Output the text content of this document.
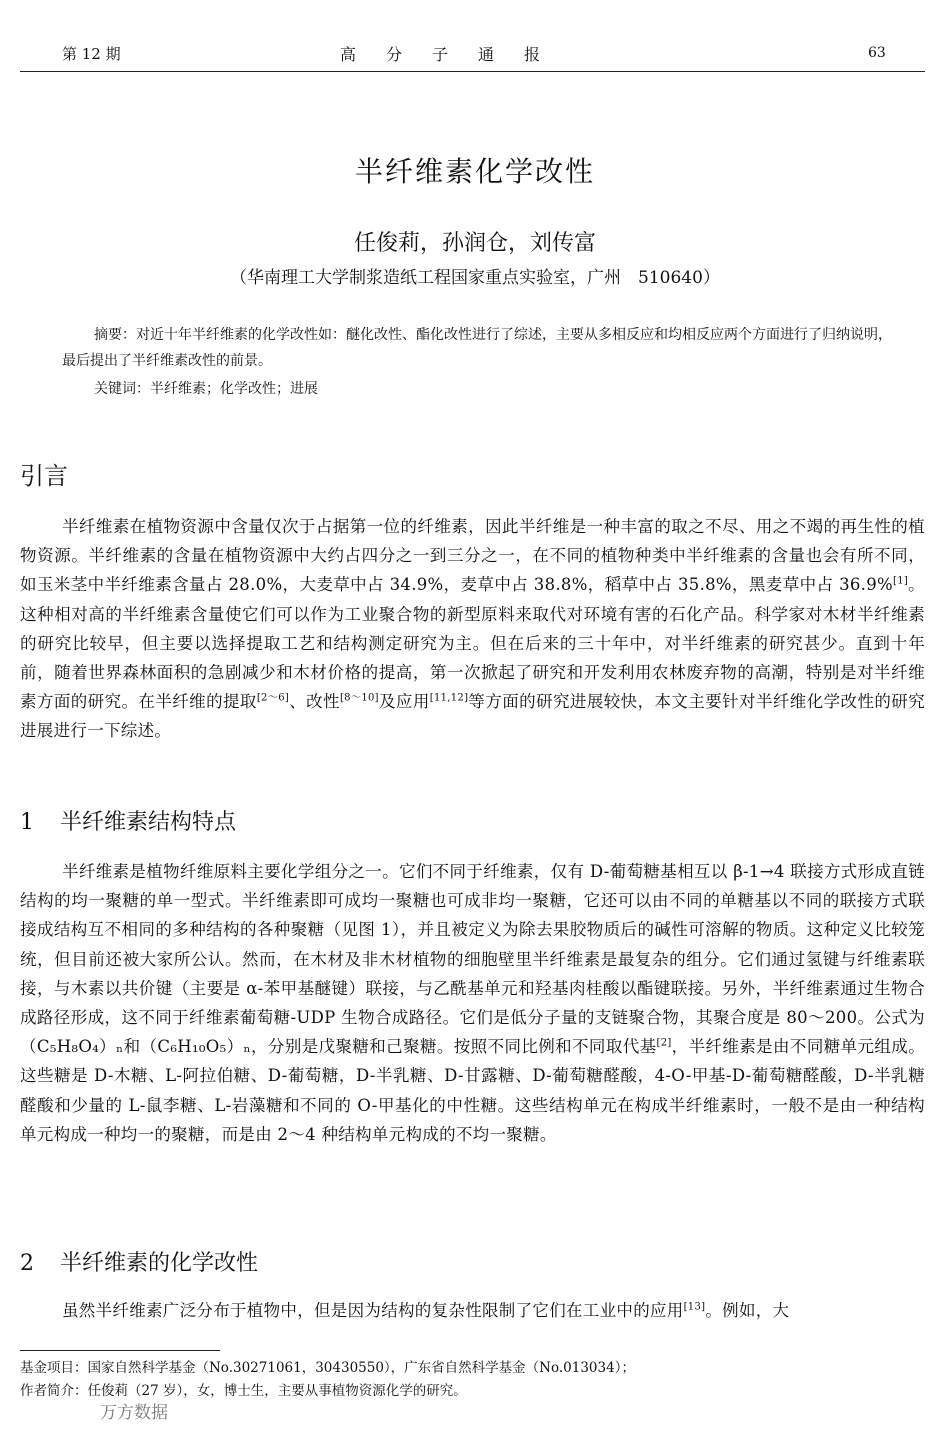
第 12 期	高分子通报	63
半纤维素化学改性
任俊莉，孙润仓，刘传富
（华南理工大学制浆造纸工程国家重点实验室，广州　510640）
摘要：对近十年半纤维素的化学改性如：醚化改性、酯化改性进行了综述，主要从多相反应和均相反应两个方面进行了归纳说明，最后提出了半纤维素改性的前景。
关键词：半纤维素；化学改性；进展
引言
半纤维素在植物资源中含量仅次于占据第一位的纤维素，因此半纤维是一种丰富的取之不尽、用之不竭的再生性的植物资源。半纤维素的含量在植物资源中大约占四分之一到三分之一，在不同的植物种类中半纤维素的含量也会有所不同，如玉米茎中半纤维素含量占 28.0%，大麦草中占 34.9%，麦草中占 38.8%，稻草中占 35.8%，黑麦草中占 36.9%[1]。这种相对高的半纤维素含量使它们可以作为工业聚合物的新型原料来取代对环境有害的石化产品。科学家对木材半纤维素的研究比较早，但主要以选择提取工艺和结构测定研究为主。但在后来的三十年中，对半纤维素的研究甚少。直到十年前，随着世界森林面积的急剧减少和木材价格的提高，第一次掀起了研究和开发利用农林废弃物的高潮，特别是对半纤维素方面的研究。在半纤维的提取[2～6]、改性[8～10]及应用[11,12]等方面的研究进展较快，本文主要针对半纤维化学改性的研究进展进行一下综述。
1 半纤维素结构特点
半纤维素是植物纤维原料主要化学组分之一。它们不同于纤维素，仅有 D-葡萄糖基相互以 β-1→4 联接方式形成直链结构的均一聚糖的单一型式。半纤维素即可成均一聚糖也可成非均一聚糖，它还可以由不同的单糖基以不同的联接方式联接成结构互不相同的多种结构的各种聚糖（见图 1），并且被定义为除去果胶物质后的碱性可溶解的物质。这种定义比较笼统，但目前还被大家所公认。然而，在木材及非木材植物的细胞壁里半纤维素是最复杂的组分。它们通过氢键与纤维素联接，与木素以共价键（主要是 α-苯甲基醚键）联接，与乙酰基单元和羟基肉桂酸以酯键联接。另外，半纤维素通过生物合成路径形成，这不同于纤维素葡萄糖-UDP 生物合成路径。它们是低分子量的支链聚合物，其聚合度是 80～200。公式为（C₅H₈O₄）ₙ和（C₆H₁₀O₅）ₙ，分别是戊聚糖和己聚糖。按照不同比例和不同取代基[2]，半纤维素是由不同糖单元组成。这些糖是 D-木糖、L-阿拉伯糖、D-葡萄糖，D-半乳糖、D-甘露糖、D-葡萄糖醛酸，4-O-甲基-D-葡萄糖醛酸，D-半乳糖醛酸和少量的 L-鼠李糖、L-岩藻糖和不同的 O-甲基化的中性糖。这些结构单元在构成半纤维素时，一般不是由一种结构单元构成一种均一的聚糖，而是由 2～4 种结构单元构成的不均一聚糖。
2 半纤维素的化学改性
虽然半纤维素广泛分布于植物中，但是因为结构的复杂性限制了它们在工业中的应用[13]。例如，大
基金项目：国家自然科学基金（No.30271061，30430550），广东省自然科学基金（No.013034）；
作者简介：任俊莉（27 岁），女，博士生，主要从事植物资源化学的研究。
万方数据
